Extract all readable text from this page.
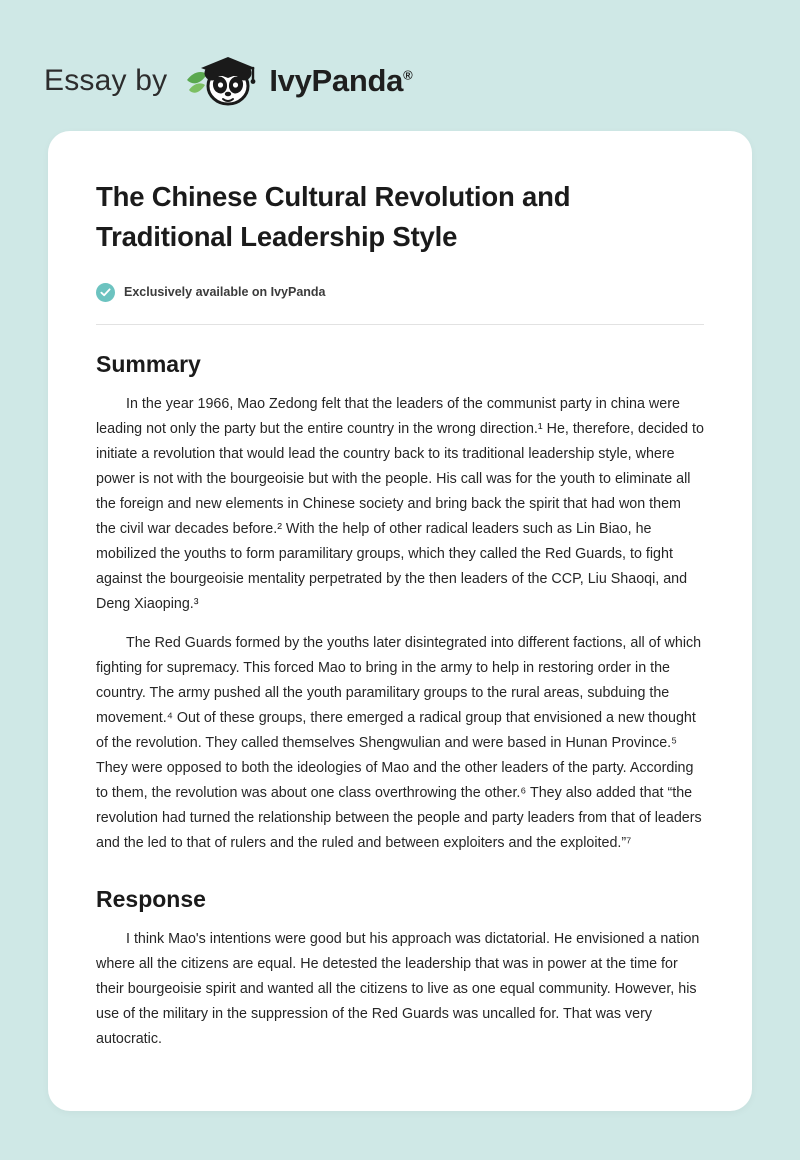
Essay by	IvyPanda®
The Chinese Cultural Revolution and Traditional Leadership Style
Exclusively available on IvyPanda
Summary

In the year 1966, Mao Zedong felt that the leaders of the communist party in china were leading not only the party but the entire country in the wrong direction.¹ He, therefore, decided to initiate a revolution that would lead the country back to its traditional leadership style, where power is not with the bourgeoisie but with the people. His call was for the youth to eliminate all the foreign and new elements in Chinese society and bring back the spirit that had won them the civil war decades before.² With the help of other radical leaders such as Lin Biao, he mobilized the youths to form paramilitary groups, which they called the Red Guards, to fight against the bourgeoisie mentality perpetrated by the then leaders of the CCP, Liu Shaoqi, and Deng Xiaoping.³

The Red Guards formed by the youths later disintegrated into different factions, all of which fighting for supremacy. This forced Mao to bring in the army to help in restoring order in the country. The army pushed all the youth paramilitary groups to the rural areas, subduing the movement.⁴ Out of these groups, there emerged a radical group that envisioned a new thought of the revolution. They called themselves Shengwulian and were based in Hunan Province.⁵ They were opposed to both the ideologies of Mao and the other leaders of the party. According to them, the revolution was about one class overthrowing the other.⁶ They also added that “the revolution had turned the relationship between the people and party leaders from that of leaders and the led to that of rulers and the ruled and between exploiters and the exploited.”⁷

Response

I think Mao's intentions were good but his approach was dictatorial. He envisioned a nation where all the citizens are equal. He detested the leadership that was in power at the time for their bourgeoisie spirit and wanted all the citizens to live as one equal community. However, his use of the military in the suppression of the Red Guards was uncalled for. That was very autocratic.
